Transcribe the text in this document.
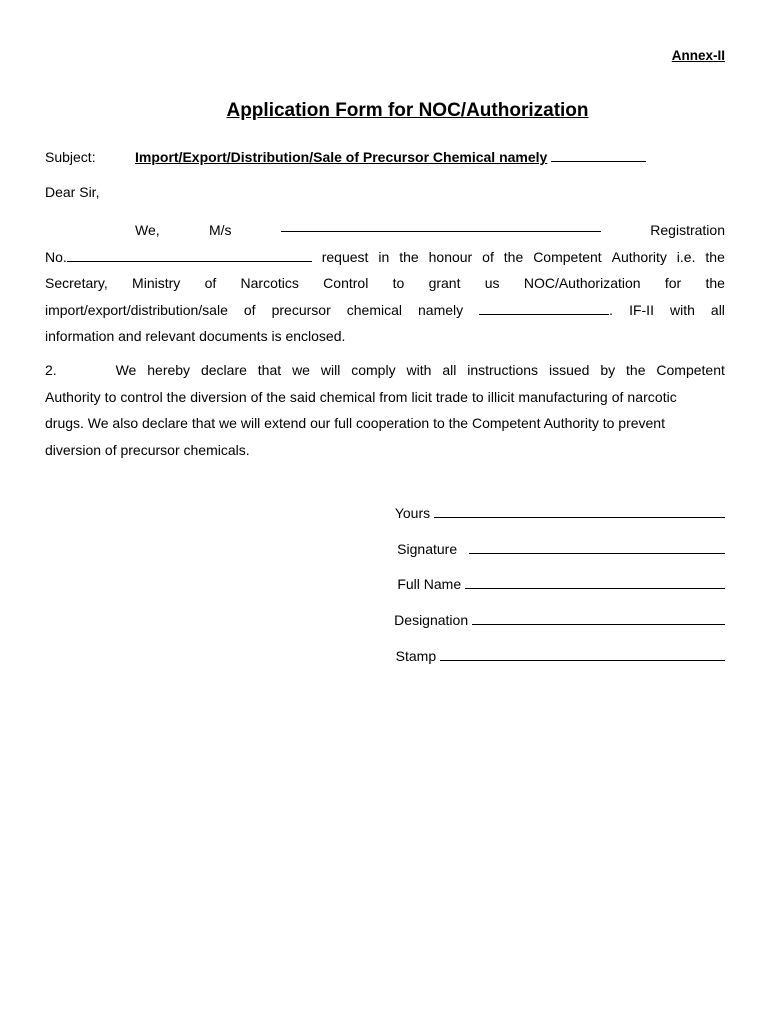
Annex-II
Application Form for NOC/Authorization
Subject:	Import/Export/Distribution/Sale of Precursor Chemical namely
Dear Sir,
We,	M/s	Registration
No.	request in the honour of the Competent Authority i.e. the
Secretary, Ministry of Narcotics Control to grant us NOC/Authorization for the
import/export/distribution/sale of precursor chemical namely	. IF-II with all
information and relevant documents is enclosed.
2.	We hereby declare that we will comply with all instructions issued by the Competent
Authority to control the diversion of the said chemical from licit trade to illicit manufacturing of narcotic
drugs. We also declare that we will extend our full cooperation to the Competent Authority to prevent
diversion of precursor chemicals.
Yours
Signature
Full Name
Designation
Stamp
